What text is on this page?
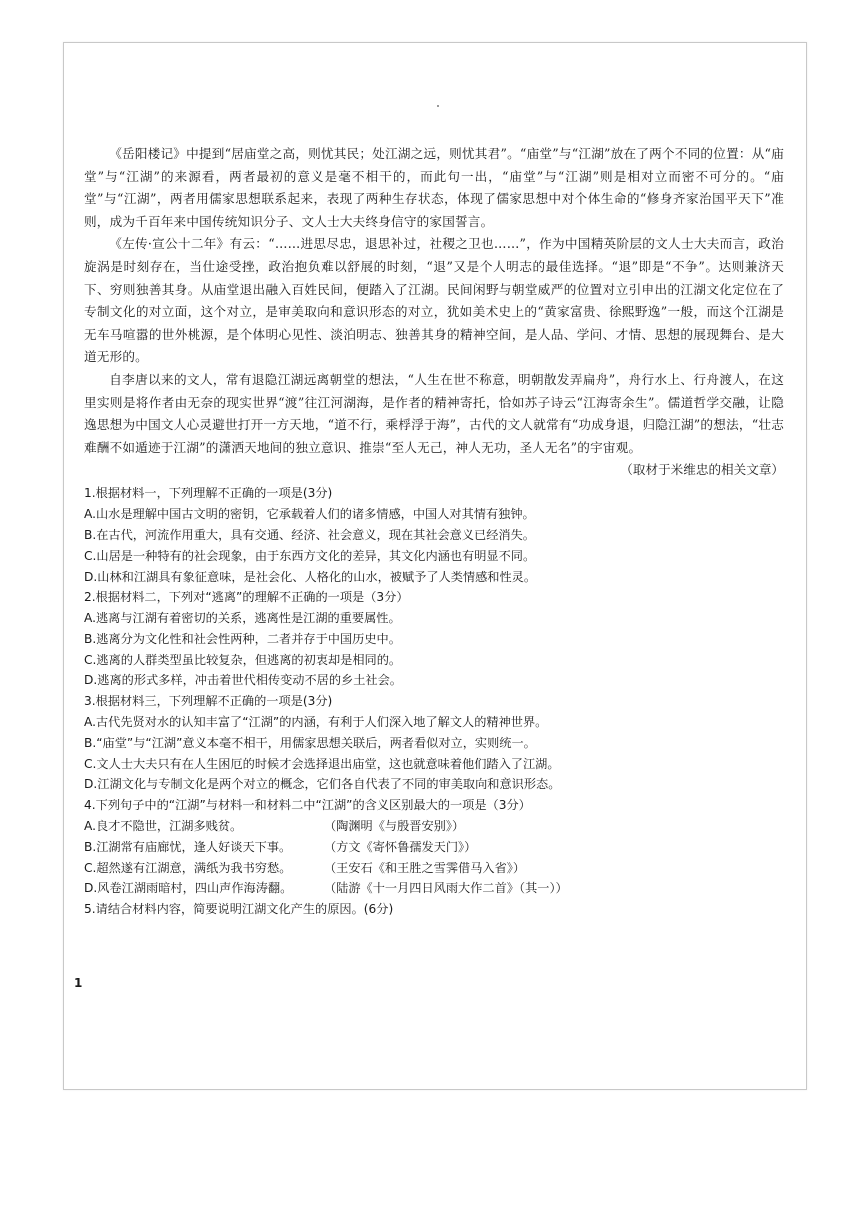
《岳阳楼记》中提到“居庙堂之高，则忧其民；处江湖之远，则忧其君”。“庙堂”与“江湖”放在了两个不同的位置：从“庙堂”与“江湖”的来源看，两者最初的意义是毫不相干的，而此句一出，“庙堂”与“江湖”则是相对立而密不可分的。“庙堂”与“江湖”，两者用儒家思想联系起来，表现了两种生存状态，体现了儒家思想中对个体生命的“修身齐家治国平天下”准则，成为千百年来中国传统知识分子、文人士大夫终身信守的家国誓言。

《左传·宣公十二年》有云：“……进思尽忠，退思补过，社稷之卫也……”，作为中国精英阶层的文人士大夫而言，政治旋涡是时刻存在，当仕途受挫，政治抱负难以舒展的时刻，“退”又是个人明志的最佳选择。“退”即是“不争”。达则兼济天下、穷则独善其身。从庙堂退出融入百姓民间，便踏入了江湖。民间闲野与朝堂威严的位置对立引申出的江湖文化定位在了专制文化的对立面，这个对立，是审美取向和意识形态的对立，犹如美术史上的“黄家富贵、徐熙野逸”一般，而这个江湖是无车马喧嚣的世外桃源，是个体明心见性、淡泊明志、独善其身的精神空间，是人品、学问、才情、思想的展现舞台、是大道无形的。

自李唐以来的文人，常有退隐江湖远离朝堂的想法，“人生在世不称意，明朝散发弄扁舟”，舟行水上、行舟渡人，在这里实则是将作者由无奈的现实世界“渡”往江河湖海，是作者的精神寄托，恰如苏子诗云“江海寄余生”。儒道哲学交融，让隐逸思想为中国文人心灵避世打开一方天地，“道不行，乘桴浮于海”，古代的文人就常有“功成身退，归隐江湖”的想法，“壮志难酬不如遁迹于江湖”的潇洒天地间的独立意识、推崇“至人无己，神人无功，圣人无名”的宇宙观。

（取材于米维忠的相关文章）

1.根据材料一，下列理解不正确的一项是(3分)

A.山水是理解中国古文明的密钥，它承载着人们的诸多情感，中国人对其情有独钟。

B.在古代，河流作用重大，具有交通、经济、社会意义，现在其社会意义已经消失。

C.山居是一种特有的社会现象，由于东西方文化的差异，其文化内涵也有明显不同。

D.山林和江湖具有象征意味，是社会化、人格化的山水，被赋予了人类情感和性灵。

2.根据材料二，下列对“逃离”的理解不正确的一项是（3分）

A.逃离与江湖有着密切的关系，逃离性是江湖的重要属性。

B.逃离分为文化性和社会性两种，二者并存于中国历史中。

C.逃离的人群类型虽比较复杂，但逃离的初衷却是相同的。

D.逃离的形式多样，冲击着世代相传变动不居的乡土社会。

3.根据材料三，下列理解不正确的一项是(3分)

A.古代先贤对水的认知丰富了“江湖”的内涵，有利于人们深入地了解文人的精神世界。

B.“庙堂”与“江湖”意义本毫不相干，用儒家思想关联后，两者看似对立，实则统一。

C.文人士大夫只有在人生困厄的时候才会选择退出庙堂，这也就意味着他们踏入了江湖。

D.江湖文化与专制文化是两个对立的概念，它们各自代表了不同的审美取向和意识形态。

4.下列句子中的“江湖”与材料一和材料二中“江湖”的含义区别最大的一项是（3分）

A.良才不隐世，江湖多贱贫。	（陶渊明《与殷晋安别》）
B.江湖常有庙廊忧，逢人好谈天下事。	（方文《寄怀鲁孺发天门》）
C.超然遂有江湖意，满纸为我书穷愁。	（王安石《和王胜之雪霁借马入省》）
D.风卷江湖雨暗村，四山声作海涛翻。	（陆游《十一月四日风雨大作二首》（其一））

5.请结合材料内容，简要说明江湖文化产生的原因。(6分)

1
